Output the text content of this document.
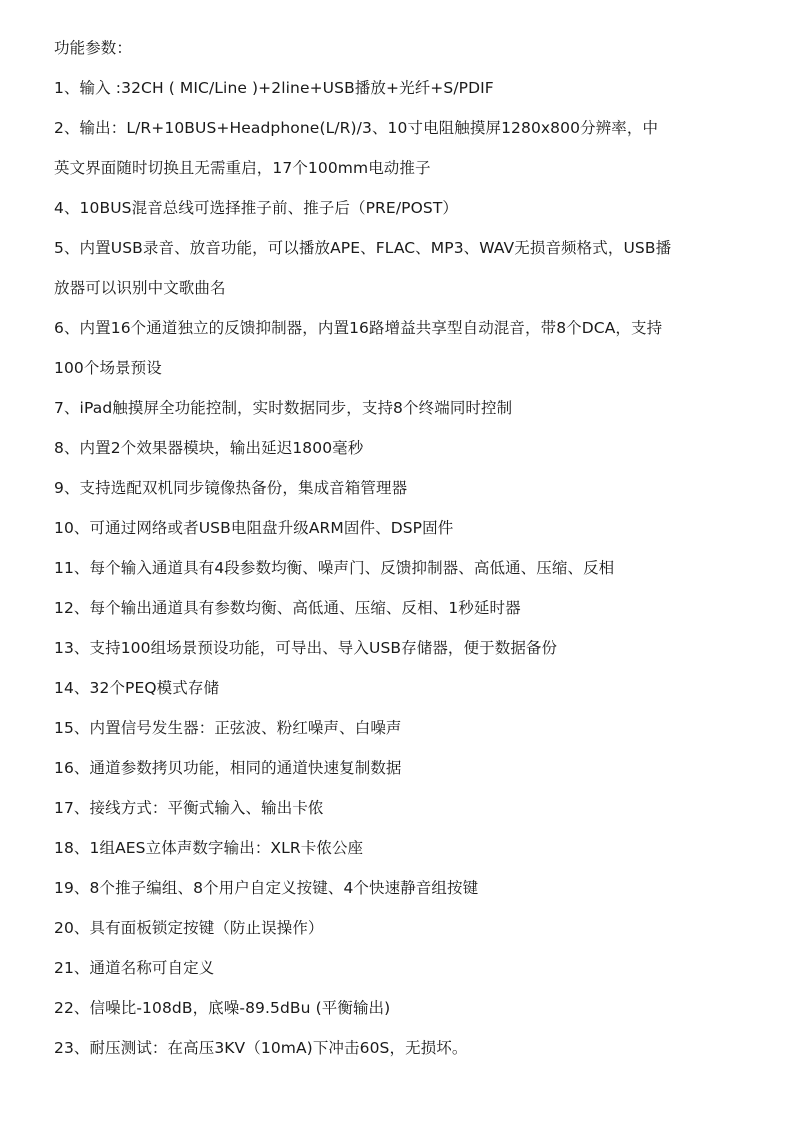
功能参数：
1、输入 :32CH ( MIC/Line )+2line+USB播放+光纤+S/PDIF
2、输出：L/R+10BUS+Headphone(L/R)/3、10寸电阻触摸屏1280x800分辨率，中
英文界面随时切换且无需重启，17个100mm电动推子
4、10BUS混音总线可选择推子前、推子后（PRE/POST）
5、内置USB录音、放音功能，可以播放APE、FLAC、MP3、WAV无损音频格式，USB播
放器可以识别中文歌曲名
6、内置16个通道独立的反馈抑制器，内置16路增益共享型自动混音，带8个DCA，支持
100个场景预设
7、iPad触摸屏全功能控制，实时数据同步，支持8个终端同时控制
8、内置2个效果器模块，输出延迟1800毫秒
9、支持选配双机同步镜像热备份，集成音箱管理器
10、可通过网络或者USB电阻盘升级ARM固件、DSP固件
11、每个输入通道具有4段参数均衡、噪声门、反馈抑制器、高低通、压缩、反相
12、每个输出通道具有参数均衡、高低通、压缩、反相、1秒延时器
13、支持100组场景预设功能，可导出、导入USB存储器，便于数据备份
14、32个PEQ模式存储
15、内置信号发生器：正弦波、粉红噪声、白噪声
16、通道参数拷贝功能，相同的通道快速复制数据
17、接线方式：平衡式输入、输出卡侬
18、1组AES立体声数字输出：XLR卡侬公座
19、8个推子编组、8个用户自定义按键、4个快速静音组按键
20、具有面板锁定按键（防止误操作）
21、通道名称可自定义
22、信噪比-108dB，底噪-89.5dBu (平衡输出)
23、耐压测试：在高压3KV（10mA)下冲击60S，无损坏。
